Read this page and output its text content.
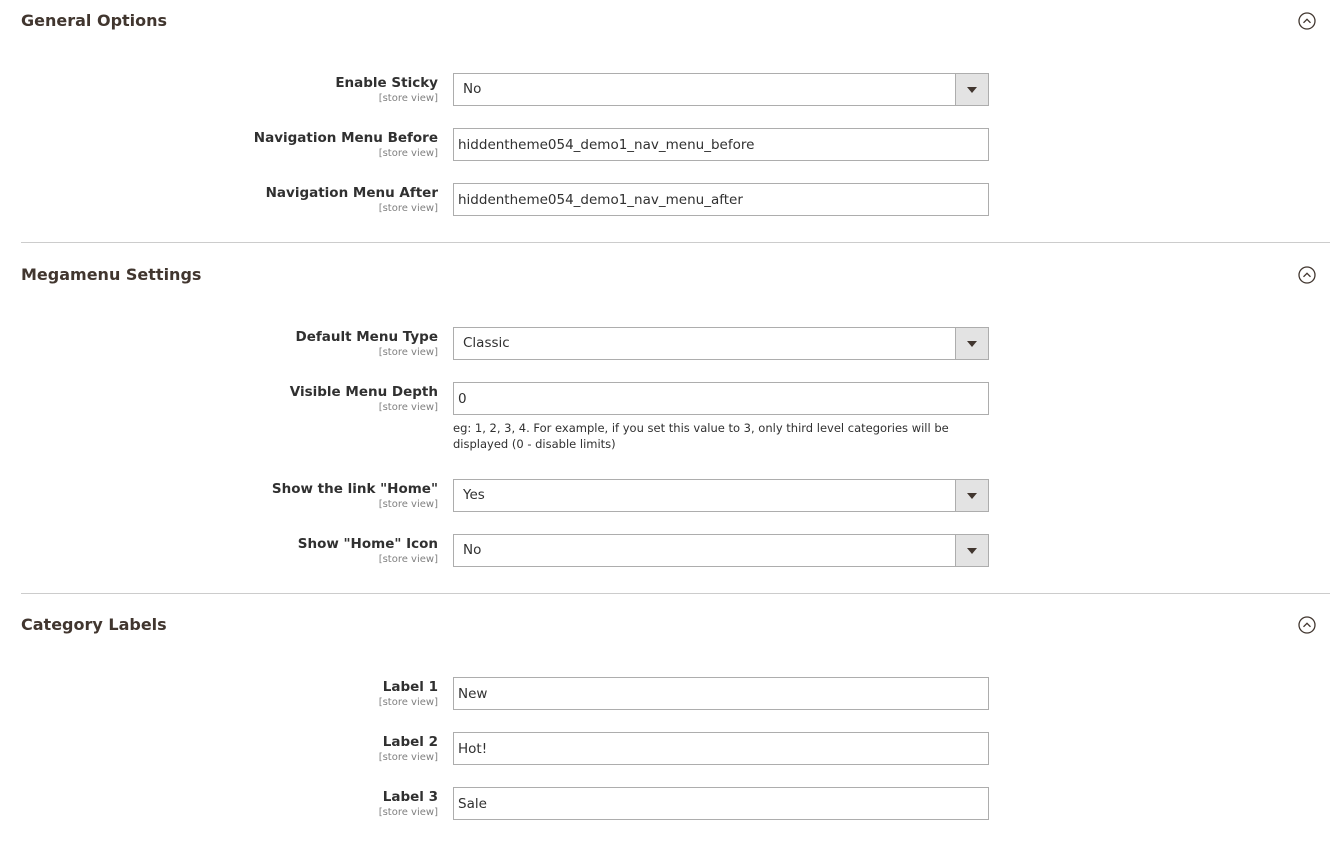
General Options
Enable Sticky
[store view]
No
Navigation Menu Before
[store view]
hiddentheme054_demo1_nav_menu_before
Navigation Menu After
[store view]
hiddentheme054_demo1_nav_menu_after
Megamenu Settings
Default Menu Type
[store view]
Classic
Visible Menu Depth
[store view]
0
eg: 1, 2, 3, 4. For example, if you set this value to 3, only third level categories will be displayed (0 - disable limits)
Show the link "Home"
[store view]
Yes
Show "Home" Icon
[store view]
No
Category Labels
Label 1
[store view]
New
Label 2
[store view]
Hot!
Label 3
[store view]
Sale
